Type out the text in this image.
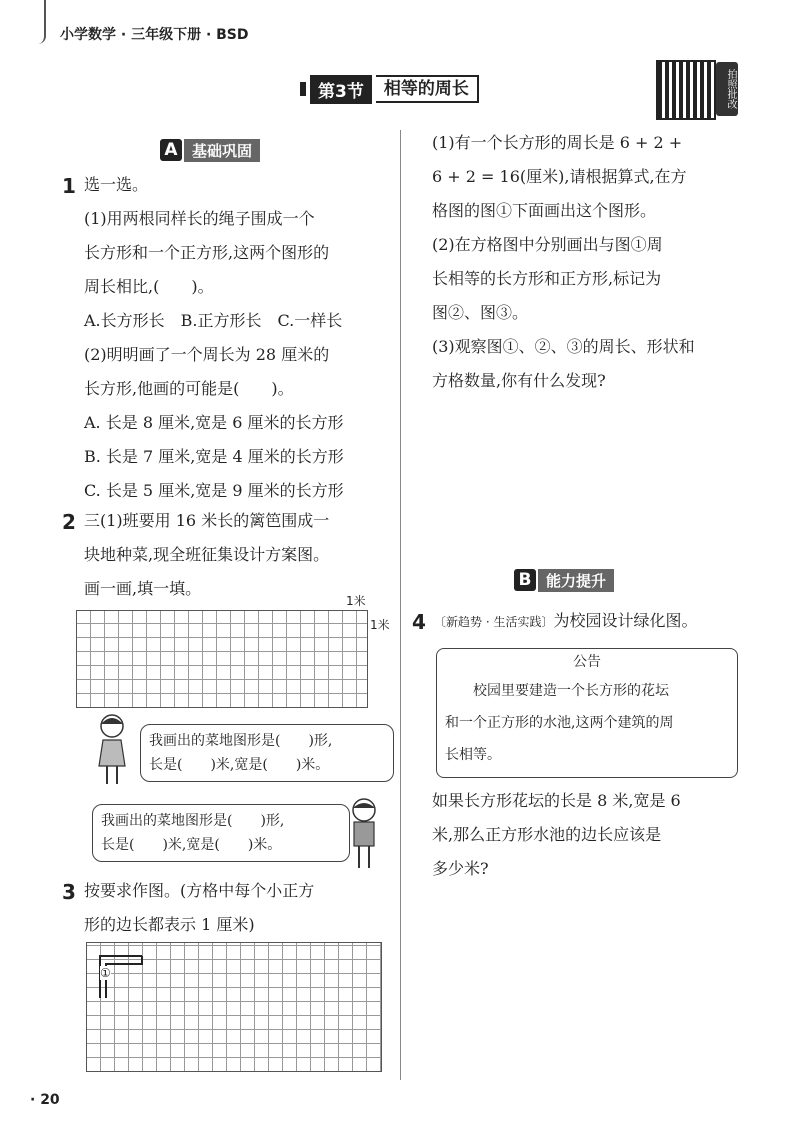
小学数学 · 三年级下册 · BSD
第3节	相等的周长	拍照批改
A 基础巩固
1 选一选。
(1)用两根同样长的绳子围成一个
长方形和一个正方形,这两个图形的
周长相比,(　　)。
A.长方形长　B.正方形长　C.一样长
(2)明明画了一个周长为 28 厘米的
长方形,他画的可能是(　　)。
A. 长是 8 厘米,宽是 6 厘米的长方形
B. 长是 7 厘米,宽是 4 厘米的长方形
C. 长是 5 厘米,宽是 9 厘米的长方形
2 三(1)班要用 16 米长的篱笆围成一
块地种菜,现全班征集设计方案图。
画一画,填一填。
1米
1米
我画出的菜地图形是(　　)形,
长是(　　)米,宽是(　　)米。
我画出的菜地图形是(　　)形,
长是(　　)米,宽是(　　)米。
3 按要求作图。(方格中每个小正方
形的边长都表示 1 厘米)
①
· 20
(1)有一个长方形的周长是 6 + 2 +
6 + 2 = 16(厘米),请根据算式,在方
格图的图①下面画出这个图形。
(2)在方格图中分别画出与图①周
长相等的长方形和正方形,标记为
图②、图③。
(3)观察图①、②、③的周长、形状和
方格数量,你有什么发现?
B 能力提升
4 〔新趋势 · 生活实践〕 为校园设计绿化图。
公告
　　校园里要建造一个长方形的花坛
和一个正方形的水池,这两个建筑的周
长相等。
如果长方形花坛的长是 8 米,宽是 6
米,那么正方形水池的边长应该是
多少米?
